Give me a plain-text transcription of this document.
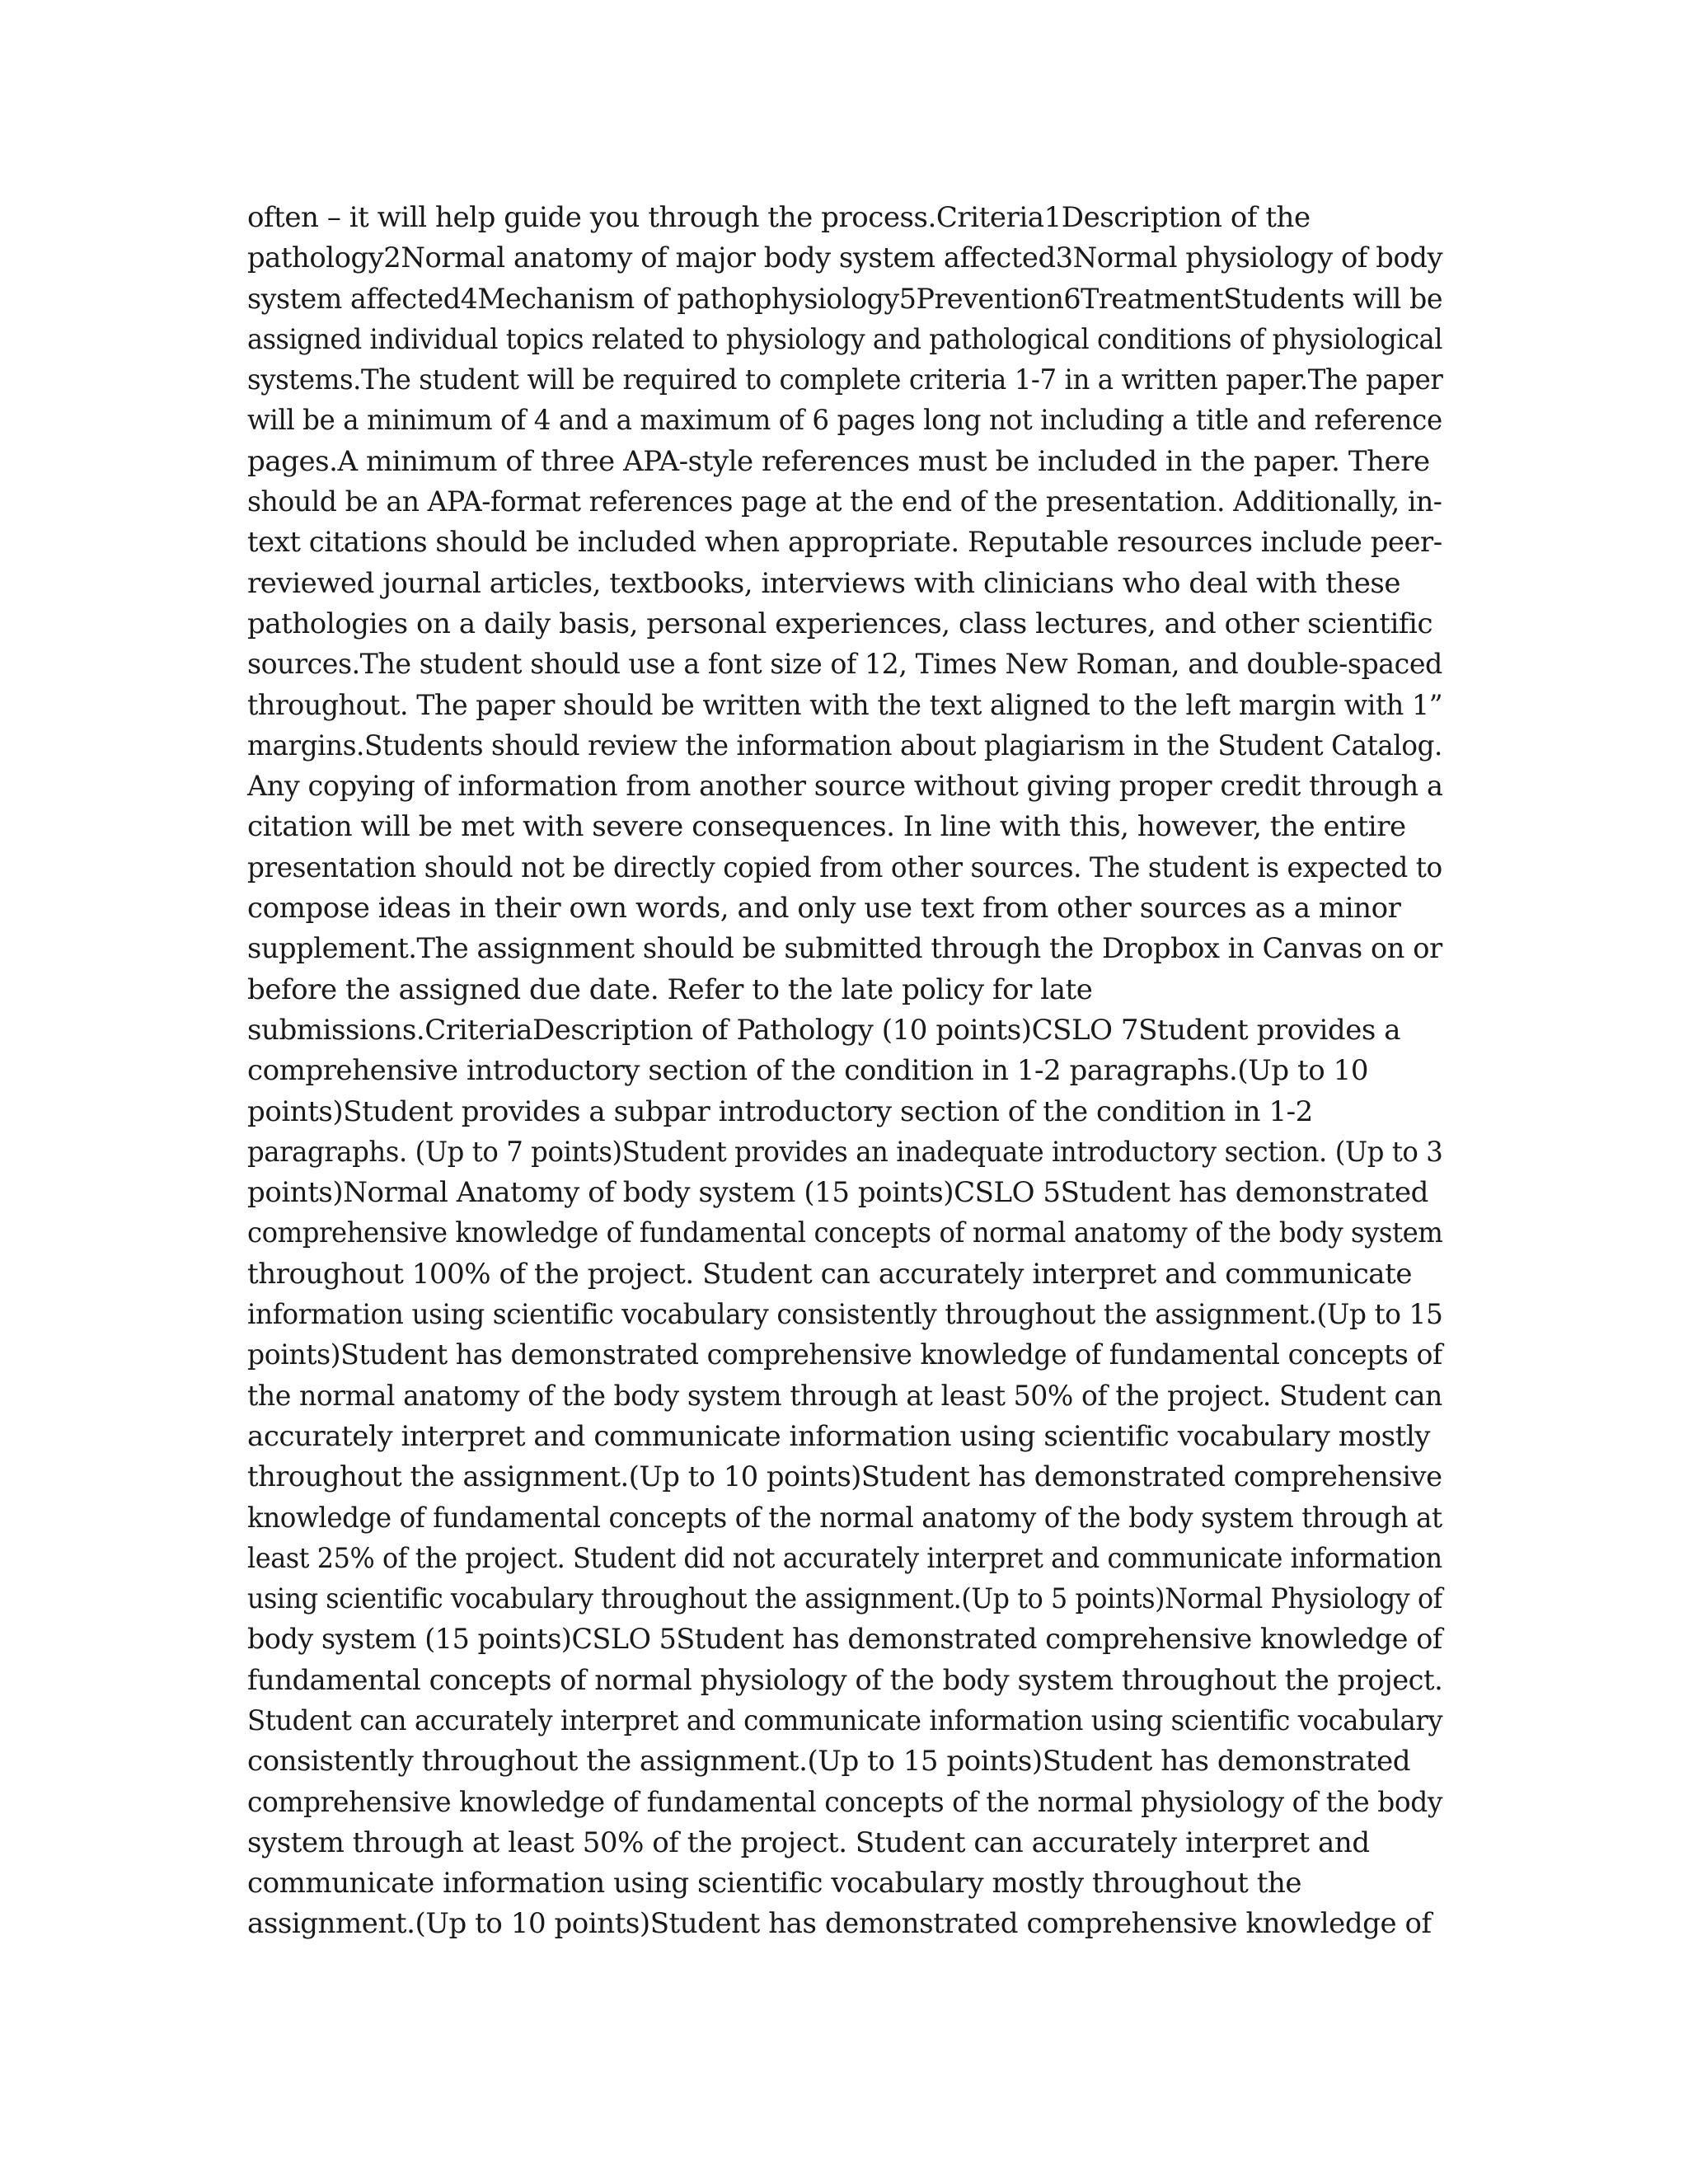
often – it will help guide you through the process.Criteria1Description of the
pathology2Normal anatomy of major body system affected3Normal physiology of body
system affected4Mechanism of pathophysiology5Prevention6TreatmentStudents will be
assigned individual topics related to physiology and pathological conditions of physiological
systems.The student will be required to complete criteria 1-7 in a written paper.The paper
will be a minimum of 4 and a maximum of 6 pages long not including a title and reference
pages.A minimum of three APA-style references must be included in the paper. There
should be an APA-format references page at the end of the presentation. Additionally, in-
text citations should be included when appropriate. Reputable resources include peer-
reviewed journal articles, textbooks, interviews with clinicians who deal with these
pathologies on a daily basis, personal experiences, class lectures, and other scientific
sources.The student should use a font size of 12, Times New Roman, and double-spaced
throughout. The paper should be written with the text aligned to the left margin with 1”
margins.Students should review the information about plagiarism in the Student Catalog.
Any copying of information from another source without giving proper credit through a
citation will be met with severe consequences. In line with this, however, the entire
presentation should not be directly copied from other sources. The student is expected to
compose ideas in their own words, and only use text from other sources as a minor
supplement.The assignment should be submitted through the Dropbox in Canvas on or
before the assigned due date. Refer to the late policy for late
submissions.CriteriaDescription of Pathology (10 points)CSLO 7Student provides a
comprehensive introductory section of the condition in 1-2 paragraphs.(Up to 10
points)Student provides a subpar introductory section of the condition in 1-2
paragraphs. (Up to 7 points)Student provides an inadequate introductory section. (Up to 3
points)Normal Anatomy of body system (15 points)CSLO 5Student has demonstrated
comprehensive knowledge of fundamental concepts of normal anatomy of the body system
throughout 100% of the project. Student can accurately interpret and communicate
information using scientific vocabulary consistently throughout the assignment.(Up to 15
points)Student has demonstrated comprehensive knowledge of fundamental concepts of
the normal anatomy of the body system through at least 50% of the project. Student can
accurately interpret and communicate information using scientific vocabulary mostly
throughout the assignment.(Up to 10 points)Student has demonstrated comprehensive
knowledge of fundamental concepts of the normal anatomy of the body system through at
least 25% of the project. Student did not accurately interpret and communicate information
using scientific vocabulary throughout the assignment.(Up to 5 points)Normal Physiology of
body system (15 points)CSLO 5Student has demonstrated comprehensive knowledge of
fundamental concepts of normal physiology of the body system throughout the project.
Student can accurately interpret and communicate information using scientific vocabulary
consistently throughout the assignment.(Up to 15 points)Student has demonstrated
comprehensive knowledge of fundamental concepts of the normal physiology of the body
system through at least 50% of the project. Student can accurately interpret and
communicate information using scientific vocabulary mostly throughout the
assignment.(Up to 10 points)Student has demonstrated comprehensive knowledge of
